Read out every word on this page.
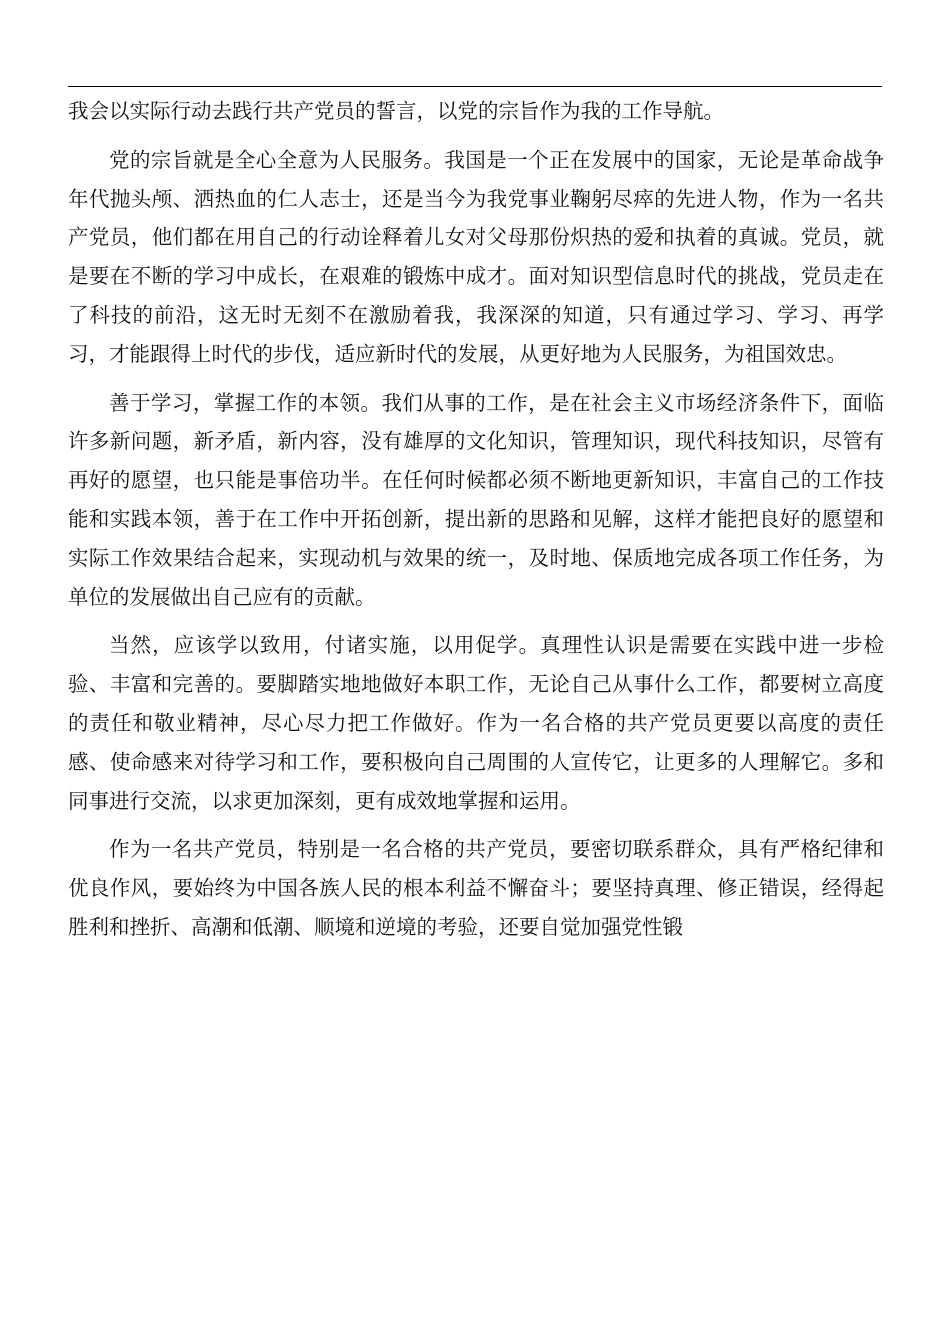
我会以实际行动去践行共产党员的誓言，以党的宗旨作为我的工作导航。

党的宗旨就是全心全意为人民服务。我国是一个正在发展中的国家，无论是革命战争年代抛头颅、洒热血的仁人志士，还是当今为我党事业鞠躬尽瘁的先进人物，作为一名共产党员，他们都在用自己的行动诠释着儿女对父母那份炽热的爱和执着的真诚。党员，就是要在不断的学习中成长，在艰难的锻炼中成才。面对知识型信息时代的挑战，党员走在了科技的前沿，这无时无刻不在激励着我，我深深的知道，只有通过学习、学习、再学习，才能跟得上时代的步伐，适应新时代的发展，从更好地为人民服务，为祖国效忠。

善于学习，掌握工作的本领。我们从事的工作，是在社会主义市场经济条件下，面临许多新问题，新矛盾，新内容，没有雄厚的文化知识，管理知识，现代科技知识，尽管有再好的愿望，也只能是事倍功半。在任何时候都必须不断地更新知识，丰富自己的工作技能和实践本领，善于在工作中开拓创新，提出新的思路和见解，这样才能把良好的愿望和实际工作效果结合起来，实现动机与效果的统一，及时地、保质地完成各项工作任务，为单位的发展做出自己应有的贡献。

当然，应该学以致用，付诸实施，以用促学。真理性认识是需要在实践中进一步检验、丰富和完善的。要脚踏实地地做好本职工作，无论自己从事什么工作，都要树立高度的责任和敬业精神，尽心尽力把工作做好。作为一名合格的共产党员更要以高度的责任感、使命感来对待学习和工作，要积极向自己周围的人宣传它，让更多的人理解它。多和同事进行交流，以求更加深刻，更有成效地掌握和运用。

作为一名共产党员，特别是一名合格的共产党员，要密切联系群众，具有严格纪律和优良作风，要始终为中国各族人民的根本利益不懈奋斗；要坚持真理、修正错误，经得起胜利和挫折、高潮和低潮、顺境和逆境的考验，还要自觉加强党性锻
